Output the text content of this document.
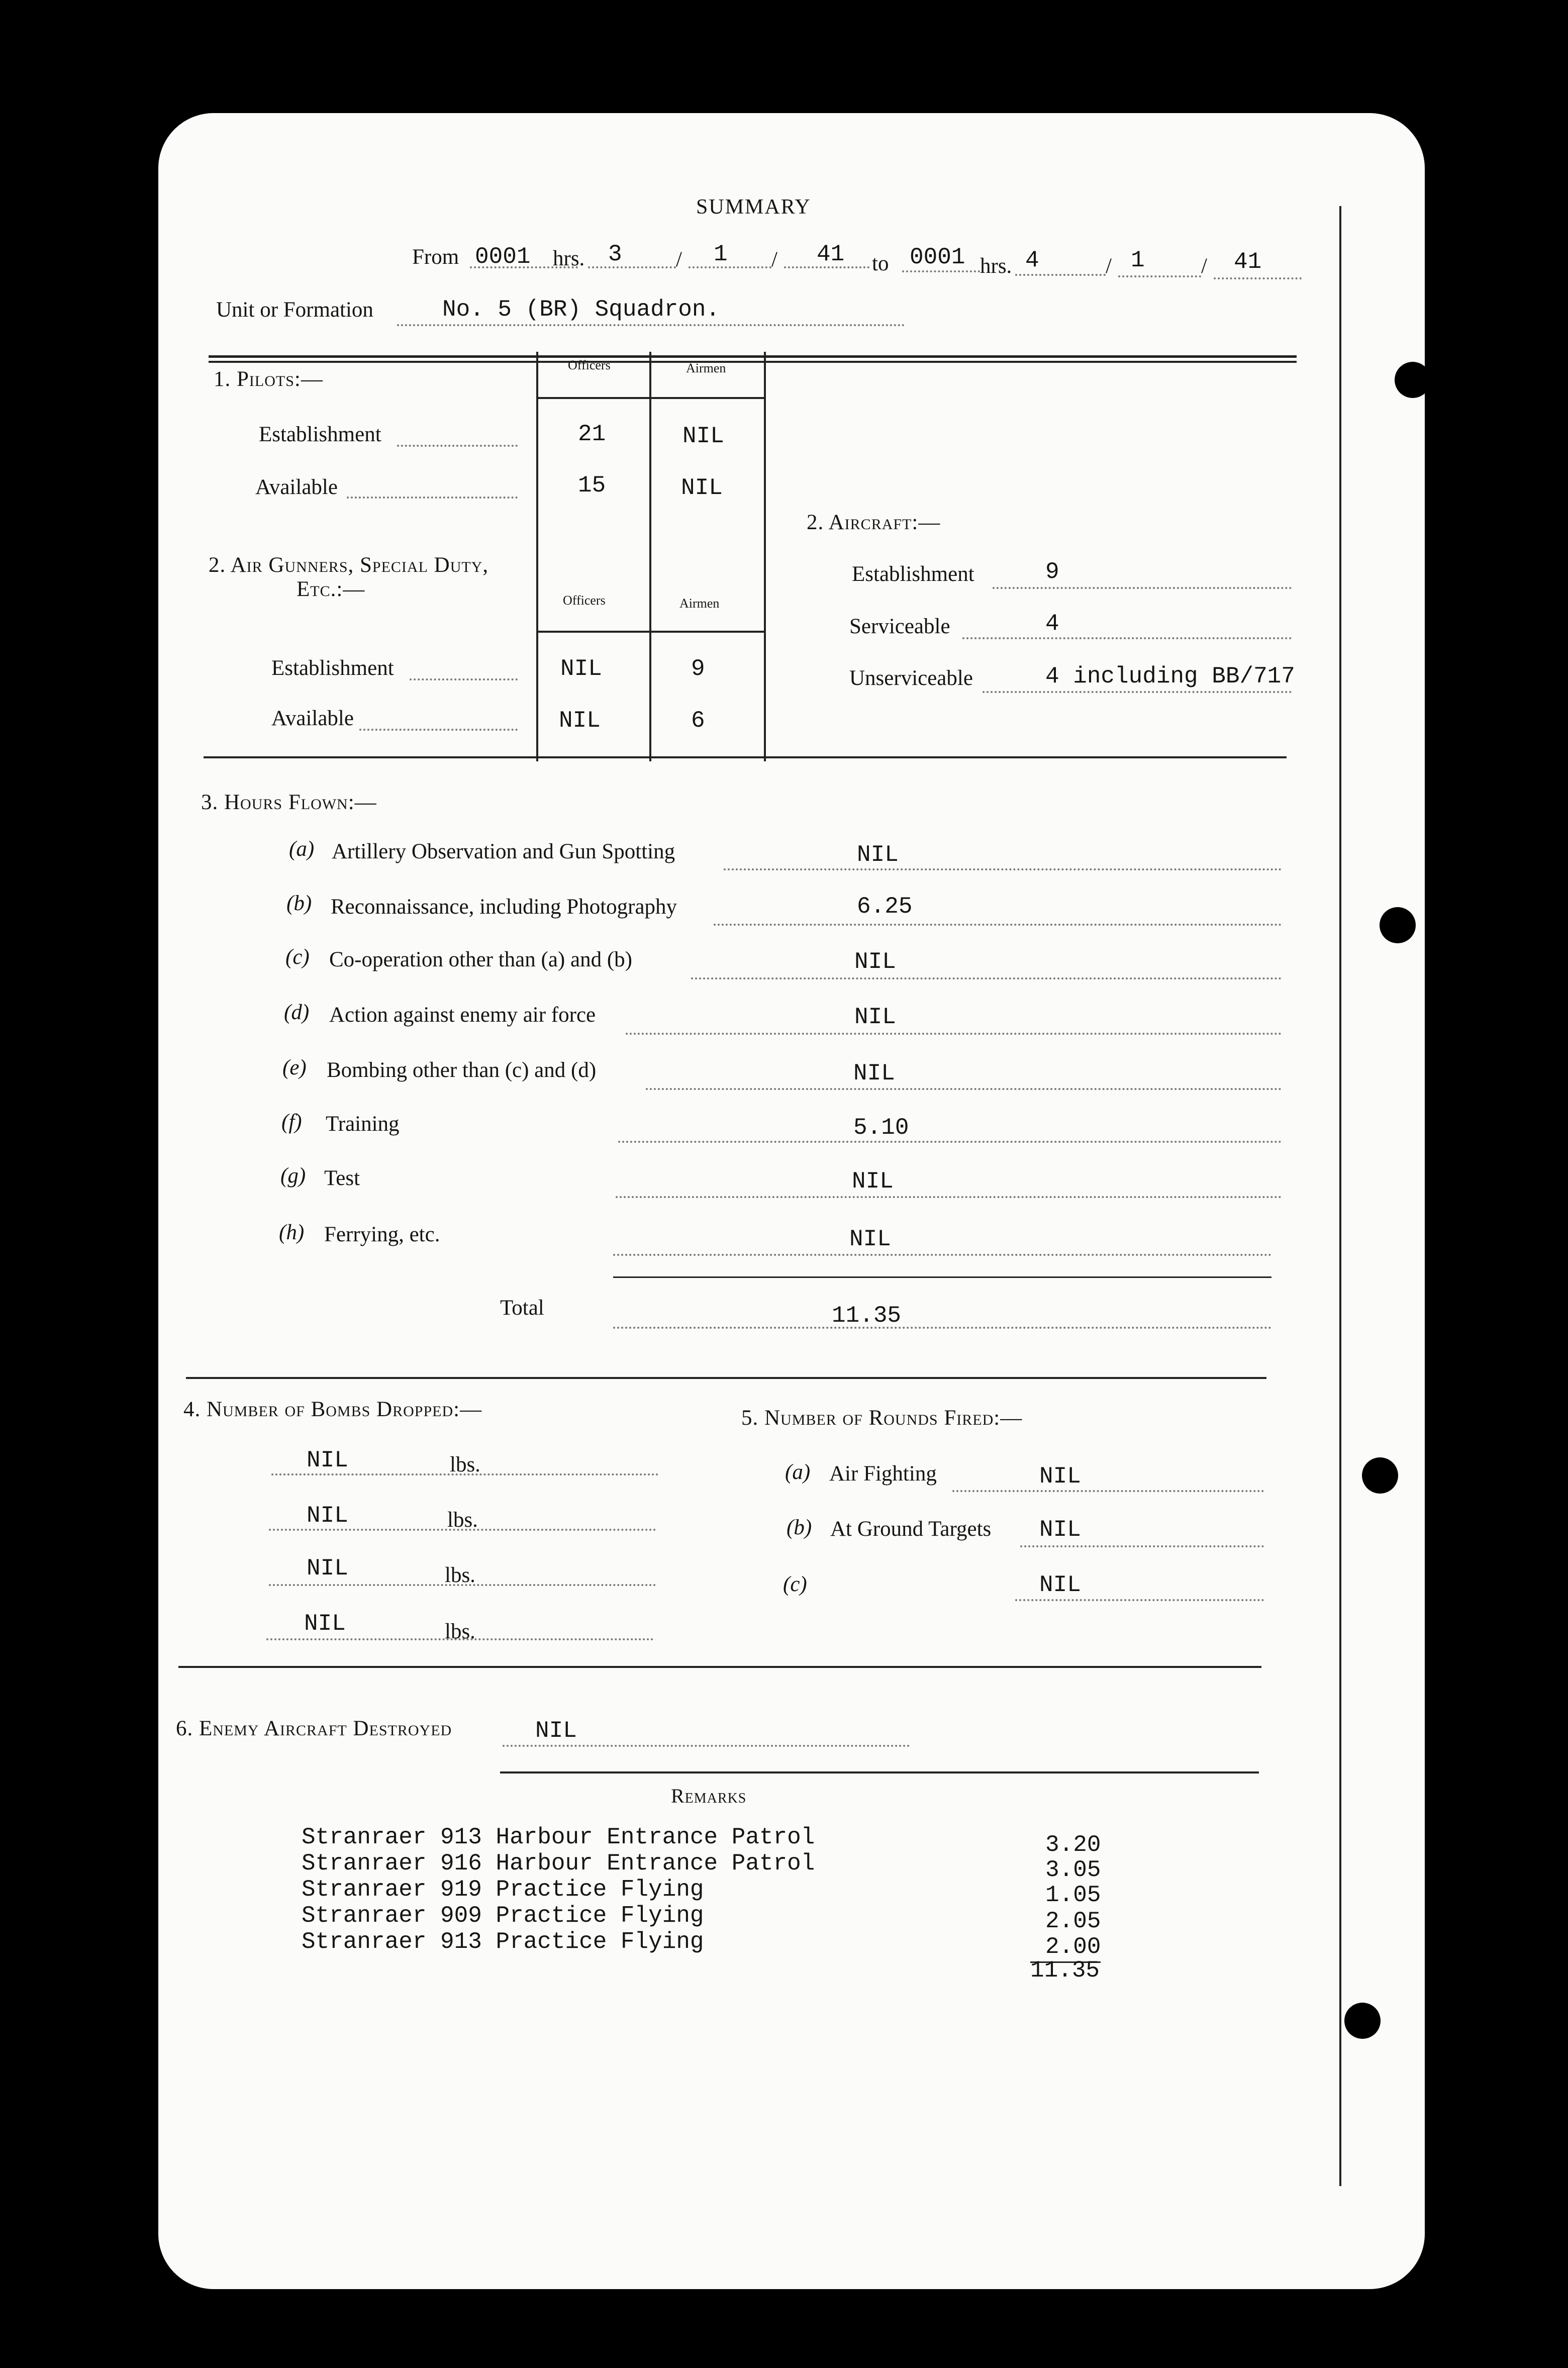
SUMMARY
From 0001 hrs. 3 / 1 / 41 to 0001 hrs. 4	/ 1	/ 41
Unit or Formation	No. 5 (BR) Squadron.
Officers	Airmen
1. Pilots:—
Establishment	21	NIL
Available	15	NIL
2. Air Gunners, Special Duty,
Etc.:—	Officers	Airmen
Establishment	NIL	9
Available	NIL	6
2. Aircraft:—
Establishment	9
Serviceable	4
Unserviceable	4 including BB/717
3. Hours Flown:—
(a) Artillery Observation and Gun Spotting	NIL
(b) Reconnaissance, including Photography	6.25
(c) Co-operation other than (a) and (b)	NIL
(d) Action against enemy air force	NIL
(e) Bombing other than (c) and (d)	NIL
(f) Training	5.10
(g) Test	NIL
(h) Ferrying, etc.	NIL
Total	11.35
4. Number of Bombs Dropped:—
NIL	lbs.
NIL	lbs.
NIL	lbs.
NIL	lbs.
5. Number of Rounds Fired:—
(a) Air Fighting	NIL
(b) At Ground Targets NIL
(c)	NIL
6. Enemy Aircraft Destroyed	NIL
Remarks
Stranraer 913 Harbour Entrance Patrol	3.20
Stranraer 916 Harbour Entrance Patrol	3.05
Stranraer 919 Practice Flying	1.05
Stranraer 909 Practice Flying	2.05
Stranraer 913 Practice Flying	2.00
11.35
